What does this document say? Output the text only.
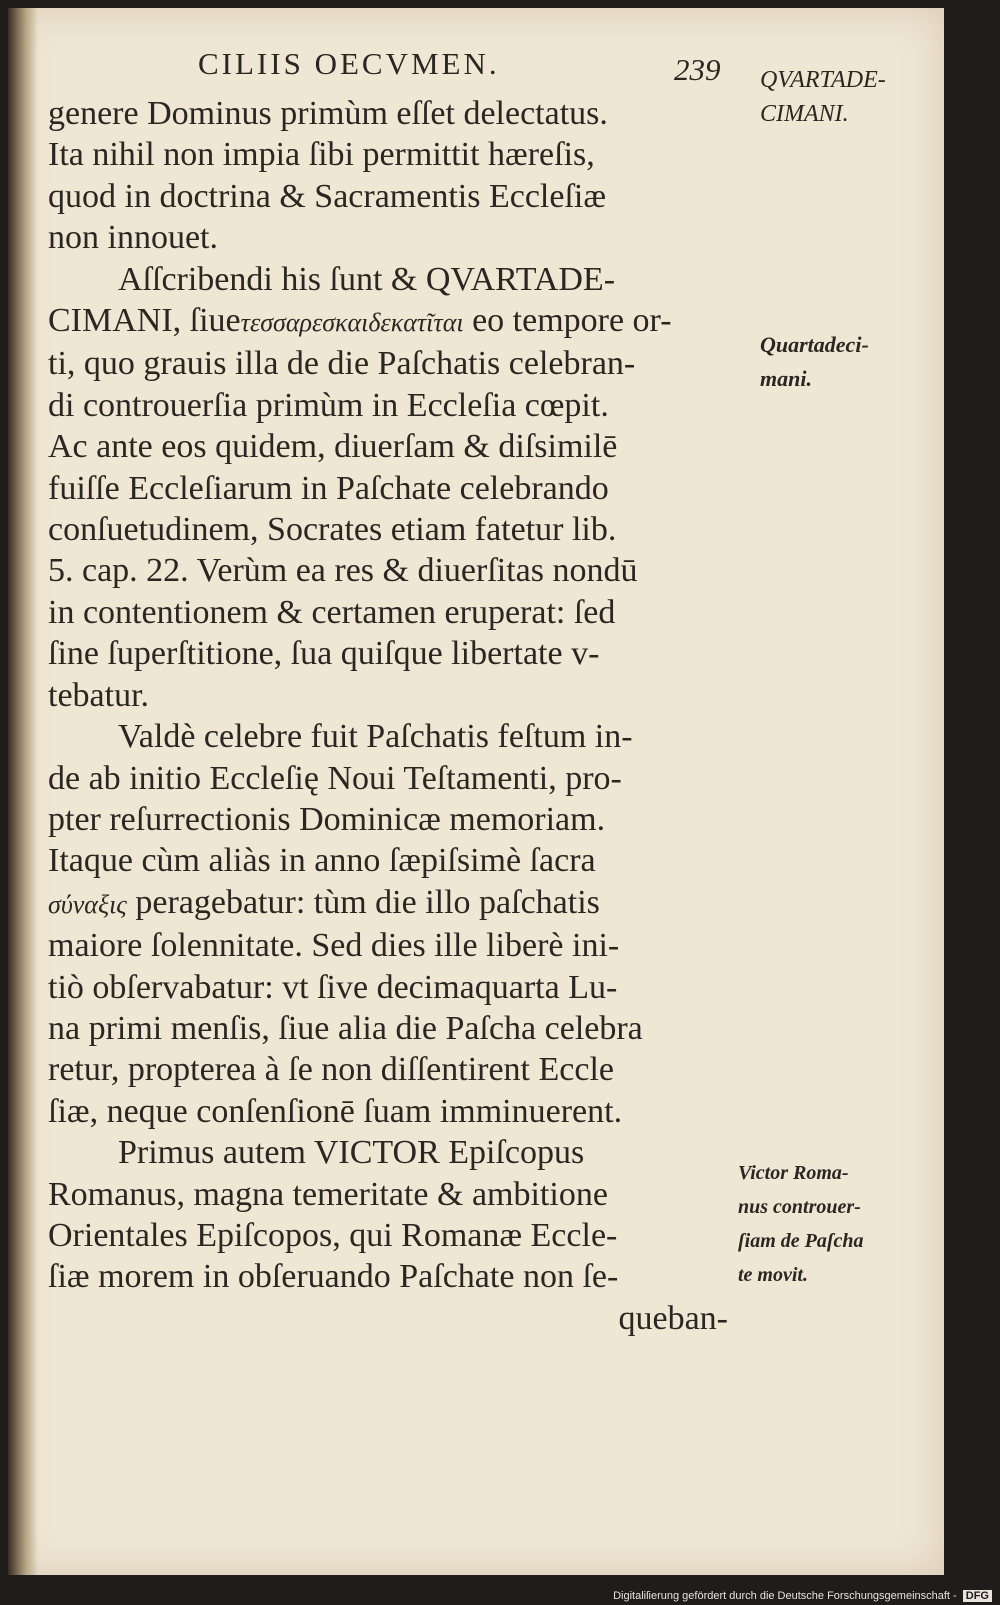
CILIIS OECVMEN.	239
genere Dominus primùm eſſet delectatus.
Ita nihil non impia ſibi permittit hæreſis,
quod in doctrina & Sacramentis Eccleſiæ
non innouet.
Aſſcribendi his ſunt & QVARTADE-
CIMANI, ſiueτεσσαρεσκαιδεκατῖται eo tempore or-
ti, quo grauis illa de die Paſchatis celebran-
di controuerſia primùm in Eccleſia cœpit.
Ac ante eos quidem, diuerſam & diſsimilē
fuiſſe Eccleſiarum in Paſchate celebrando
conſuetudinem, Socrates etiam fatetur lib.
5. cap. 22. Verùm ea res & diuerſitas nondū
in contentionem & certamen eruperat: ſed
ſine ſuperſtitione, ſua quiſque libertate v-
tebatur.
Valdè celebre fuit Paſchatis feſtum in-
de ab initio Eccleſię Noui Teſtamenti, pro-
pter reſurrectionis Dominicæ memoriam.
Itaque cùm aliàs in anno ſæpiſsimè ſacra
σύναξις peragebatur: tùm die illo paſchatis
maiore ſolennitate. Sed dies ille liberè ini-
tiò obſervabatur: vt ſive decimaquarta Lu-
na primi menſis, ſiue alia die Paſcha celebra
retur, propterea à ſe non diſſentirent Eccle
ſiæ, neque conſenſionē ſuam imminuerent.
Primus autem VICTOR Epiſcopus
Romanus, magna temeritate & ambitione
Orientales Epiſcopos, qui Romanæ Eccle-
ſiæ morem in obſeruando Paſchate non ſe-
queban-
QVARTADE-
CIMANI.
Quartadeci-
mani.
Victor Roma-
nus controuer-
ſiam de Paſcha
te movit.
Digitaliſierung gefördert durch die Deutsche Forschungsgemeinschaft - DFG
